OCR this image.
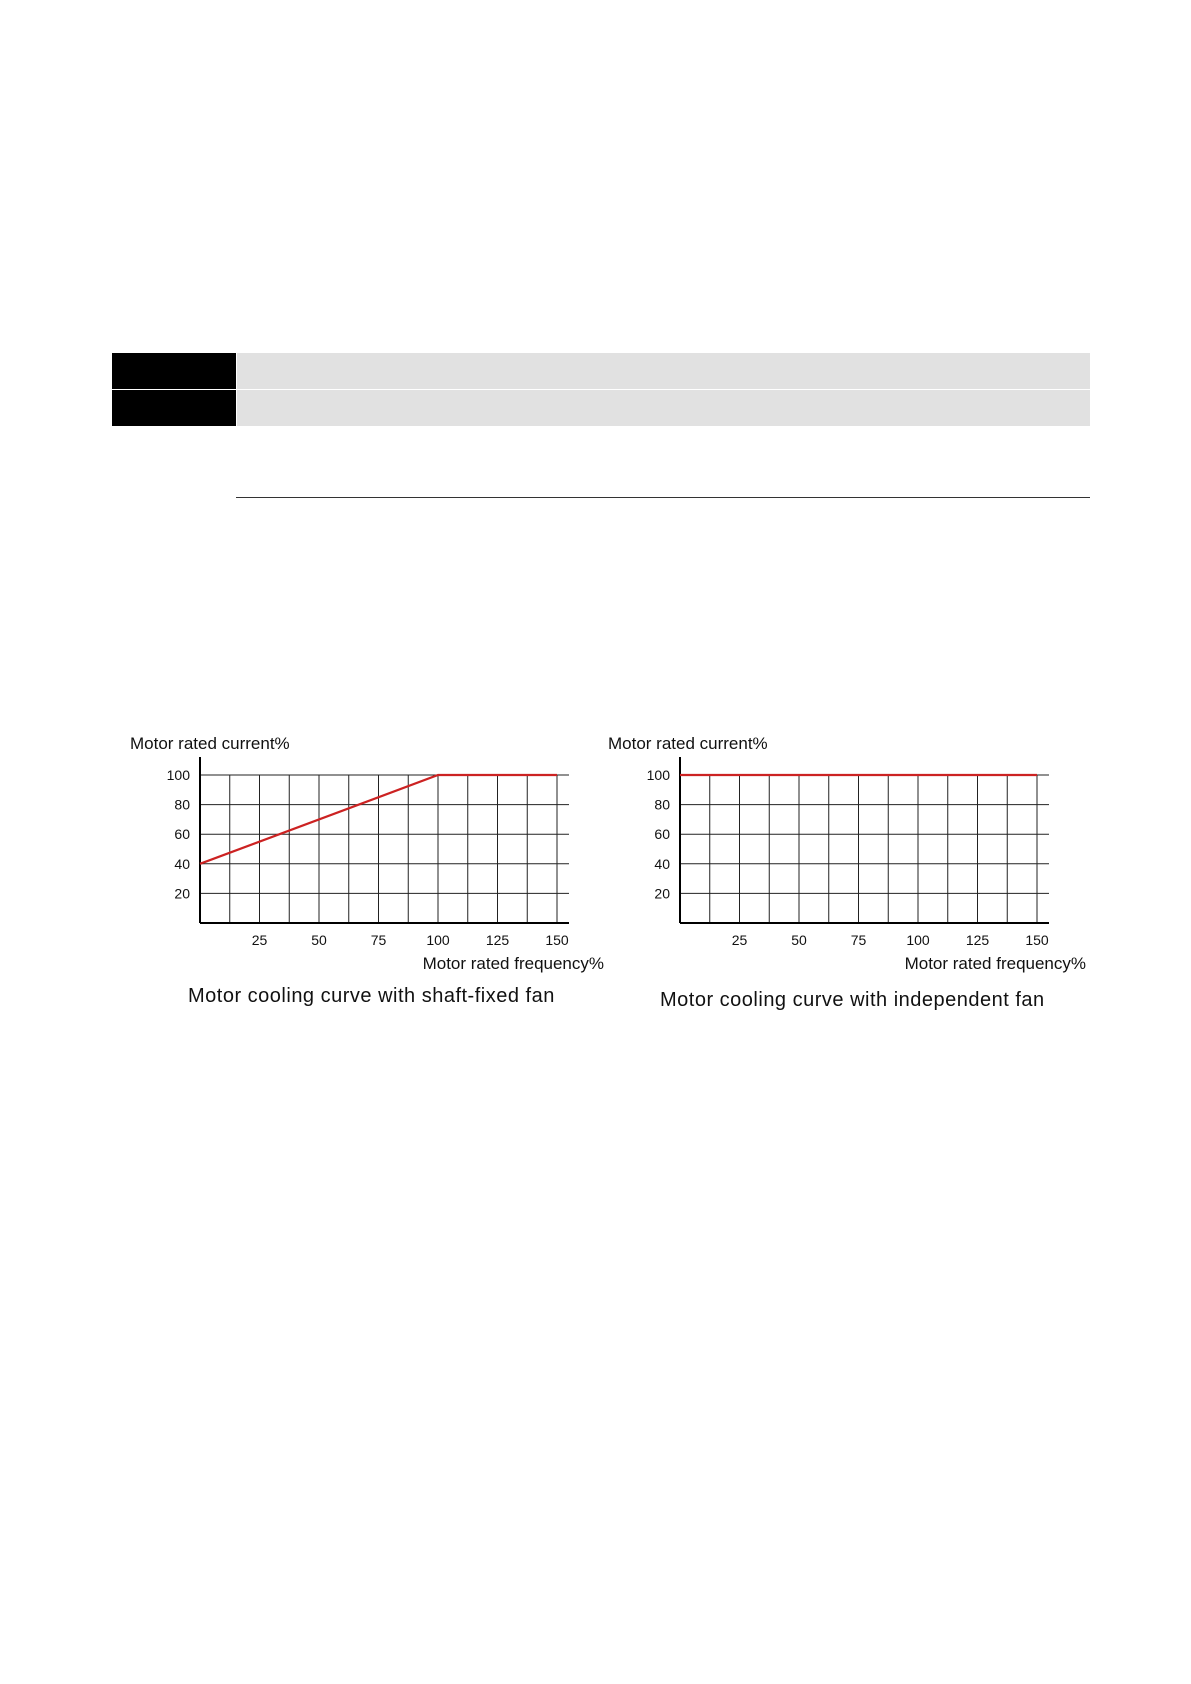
20
40
60
80
100
25	50	75	100	125	150
Motor rated current%
Motor rated frequency%
20
40
60
80
100
25	50	75	100	125	150
Motor rated current%
Motor rated frequency%
Motor cooling curve with shaft-fixed fan	Motor cooling curve with independent fan
